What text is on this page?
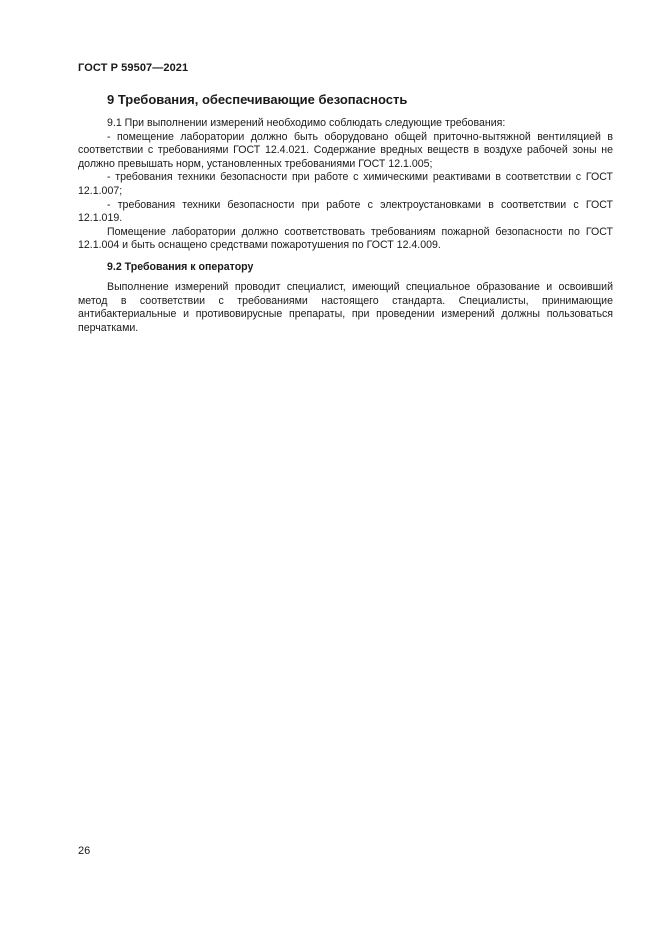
ГОСТ Р 59507—2021
9 Требования, обеспечивающие безопасность

9.1 При выполнении измерений необходимо соблюдать следующие требования:

- помещение лаборатории должно быть оборудовано общей приточно-вытяжной вентиляцией в соответствии с требованиями ГОСТ 12.4.021. Содержание вредных веществ в воздухе рабочей зоны не должно превышать норм, установленных требованиями ГОСТ 12.1.005;

- требования техники безопасности при работе с химическими реактивами в соответствии с ГОСТ 12.1.007;

- требования техники безопасности при работе с электроустановками в соответствии с ГОСТ 12.1.019.

Помещение лаборатории должно соответствовать требованиям пожарной безопасности по ГОСТ 12.1.004 и быть оснащено средствами пожаротушения по ГОСТ 12.4.009.

9.2 Требования к оператору

Выполнение измерений проводит специалист, имеющий специальное образование и освоивший метод в соответствии с требованиями настоящего стандарта. Специалисты, принимающие антибактериальные и противовирусные препараты, при проведении измерений должны пользоваться перчатками.

26
